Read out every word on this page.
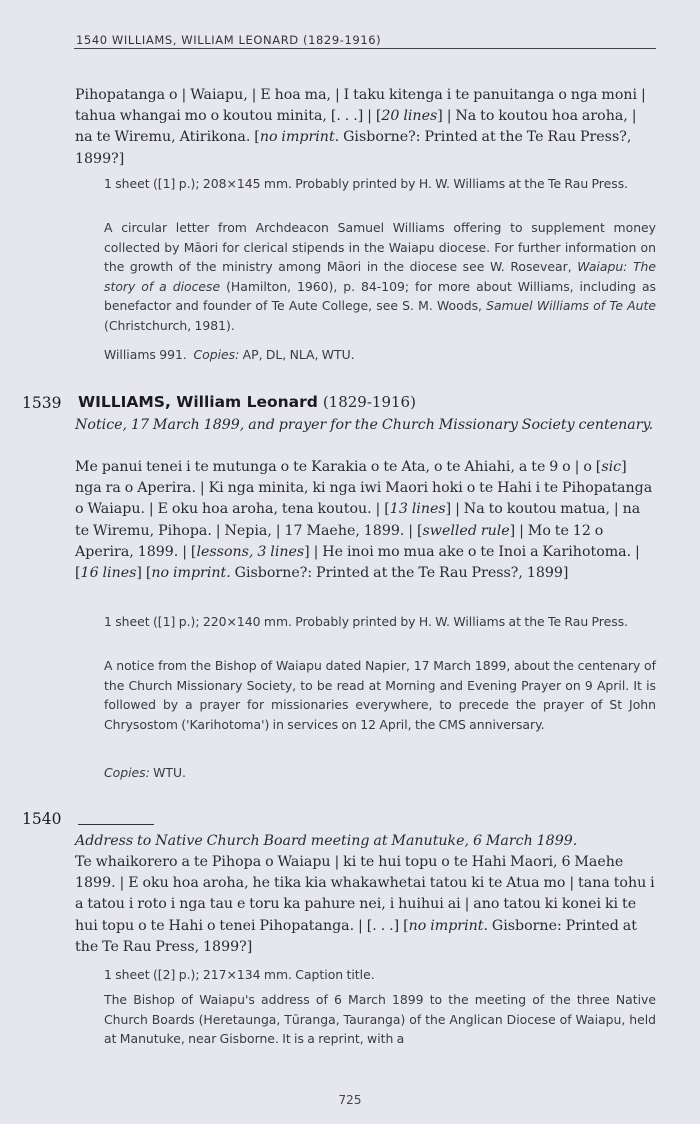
1540 WILLIAMS, WILLIAM LEONARD (1829-1916)

Pihopatanga o | Waiapu, | E hoa ma, | I taku kitenga i te panuitanga o nga moni | tahua whangai mo o koutou minita, [. . .] | [20 lines] | Na to koutou hoa aroha, | na te Wiremu, Atirikona. [no imprint. Gisborne?: Printed at the Te Rau Press?, 1899?]

1 sheet ([1] p.); 208×145 mm. Probably printed by H. W. Williams at the Te Rau Press.

A circular letter from Archdeacon Samuel Williams offering to supplement money collected by Māori for clerical stipends in the Waiapu diocese. For further information on the growth of the ministry among Māori in the diocese see W. Rosevear, Waiapu: The story of a diocese (Hamilton, 1960), p. 84-109; for more about Williams, including as benefactor and founder of Te Aute College, see S. M. Woods, Samuel Williams of Te Aute (Christchurch, 1981).

Williams 991. Copies: AP, DL, NLA, WTU.

1539 WILLIAMS, William Leonard (1829-1916)

Notice, 17 March 1899, and prayer for the Church Missionary Society centenary.

Me panui tenei i te mutunga o te Karakia o te Ata, o te Ahiahi, a te 9 o | o [sic] nga ra o Aperira. | Ki nga minita, ki nga iwi Maori hoki o te Hahi i te Pihopatanga o Waiapu. | E oku hoa aroha, tena koutou. | [13 lines] | Na to koutou matua, | na te Wiremu, Pihopa. | Nepia, | 17 Maehe, 1899. | [swelled rule] | Mo te 12 o Aperira, 1899. | [lessons, 3 lines] | He inoi mo mua ake o te Inoi a Karihotoma. | [16 lines] [no imprint. Gisborne?: Printed at the Te Rau Press?, 1899]

1 sheet ([1] p.); 220×140 mm. Probably printed by H. W. Williams at the Te Rau Press.

A notice from the Bishop of Waiapu dated Napier, 17 March 1899, about the centenary of the Church Missionary Society, to be read at Morning and Evening Prayer on 9 April. It is followed by a prayer for missionaries everywhere, to precede the prayer of St John Chrysostom ('Karihotoma') in services on 12 April, the CMS anniversary.

Copies: WTU.

1540

Address to Native Church Board meeting at Manutuke, 6 March 1899.

Te whaikorero a te Pihopa o Waiapu | ki te hui topu o te Hahi Maori, 6 Maehe 1899. | E oku hoa aroha, he tika kia whakawhetai tatou ki te Atua mo | tana tohu i a tatou i roto i nga tau e toru ka pahure nei, i huihui ai | ano tatou ki konei ki te hui topu o te Hahi o tenei Pihopatanga. | [. . .] [no imprint. Gisborne: Printed at the Te Rau Press, 1899?]

1 sheet ([2] p.); 217×134 mm. Caption title.

The Bishop of Waiapu's address of 6 March 1899 to the meeting of the three Native Church Boards (Heretaunga, Tūranga, Tauranga) of the Anglican Diocese of Waiapu, held at Manutuke, near Gisborne. It is a reprint, with a

725
